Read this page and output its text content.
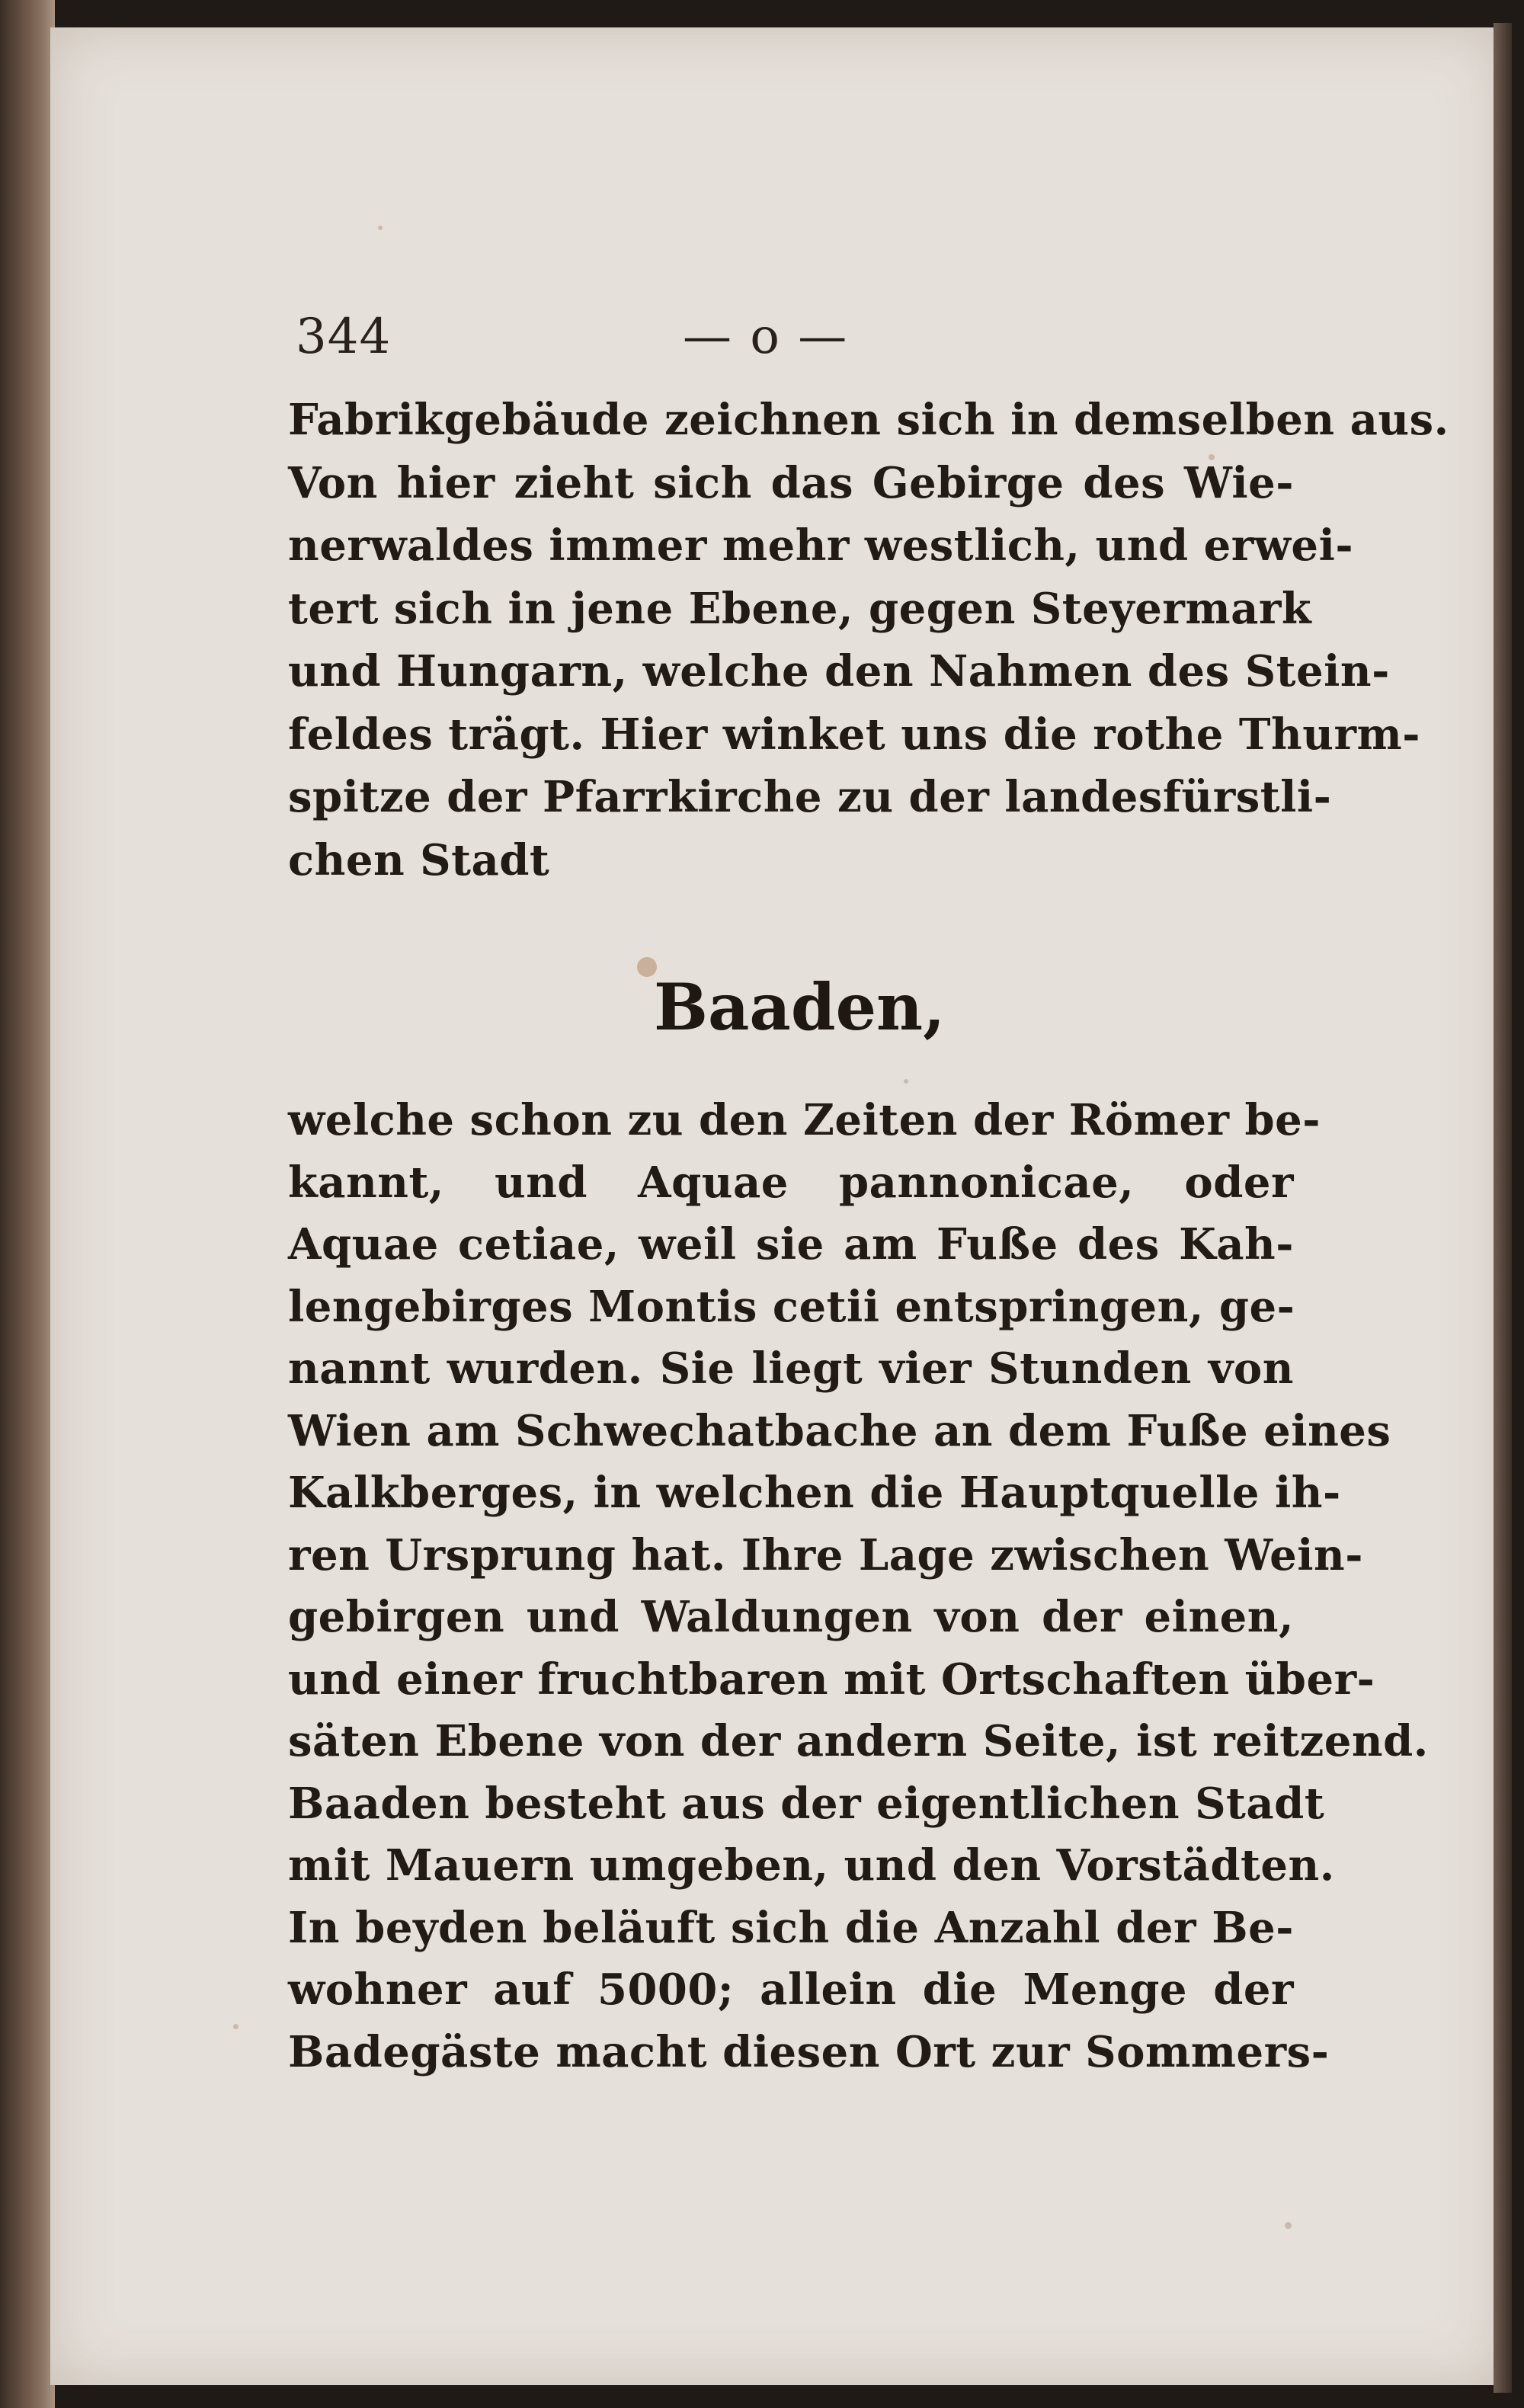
344	— o —
Fabrikgebäude zeichnen sich in demselben aus.
Von hier zieht sich das Gebirge des Wie-
nerwaldes immer mehr westlich, und erwei-
tert sich in jene Ebene, gegen Steyermark
und Hungarn, welche den Nahmen des Stein-
feldes trägt. Hier winket uns die rothe Thurm-
spitze der Pfarrkirche zu der landesfürstli-
chen Stadt
Baaden,
welche schon zu den Zeiten der Römer be-
kannt, und Aquae pannonicae, oder
Aquae cetiae, weil sie am Fuße des Kah-
lengebirges Montis cetii entspringen, ge-
nannt wurden. Sie liegt vier Stunden von
Wien am Schwechatbache an dem Fuße eines
Kalkberges, in welchen die Hauptquelle ih-
ren Ursprung hat. Ihre Lage zwischen Wein-
gebirgen und Waldungen von der einen,
und einer fruchtbaren mit Ortschaften über-
säten Ebene von der andern Seite, ist reitzend.
Baaden besteht aus der eigentlichen Stadt
mit Mauern umgeben, und den Vorstädten.
In beyden beläuft sich die Anzahl der Be-
wohner auf 5000; allein die Menge der
Badegäste macht diesen Ort zur Sommers-
